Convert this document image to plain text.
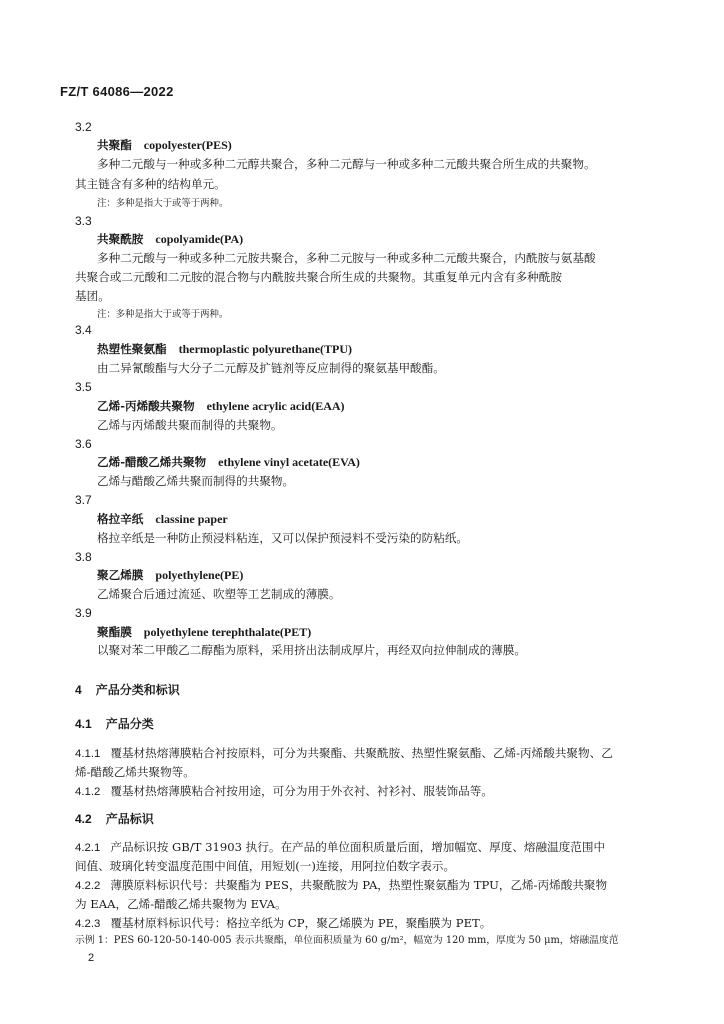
FZ/T 64086—2022
3.2
共聚酯 copolyester(PES)
多种二元酸与一种或多种二元醇共聚合，多种二元醇与一种或多种二元酸共聚合所生成的共聚物。
其主链含有多种的结构单元。
注：多种是指大于或等于两种。
3.3
共聚酰胺 copolyamide(PA)
多种二元酸与一种或多种二元胺共聚合，多种二元胺与一种或多种二元酸共聚合，内酰胺与氨基酸
共聚合或二元酸和二元胺的混合物与内酰胺共聚合所生成的共聚物。其重复单元内含有多种酰胺
基团。
注：多种是指大于或等于两种。
3.4
热塑性聚氨酯 thermoplastic polyurethane(TPU)
由二异氰酸酯与大分子二元醇及扩链剂等反应制得的聚氨基甲酸酯。
3.5
乙烯-丙烯酸共聚物 ethylene acrylic acid(EAA)
乙烯与丙烯酸共聚而制得的共聚物。
3.6
乙烯-醋酸乙烯共聚物 ethylene vinyl acetate(EVA)
乙烯与醋酸乙烯共聚而制得的共聚物。
3.7
格拉辛纸 classine paper
格拉辛纸是一种防止预浸料粘连，又可以保护预浸料不受污染的防粘纸。
3.8
聚乙烯膜 polyethylene(PE)
乙烯聚合后通过流延、吹塑等工艺制成的薄膜。
3.9
聚酯膜 polyethylene terephthalate(PET)
以聚对苯二甲酸乙二醇酯为原料，采用挤出法制成厚片，再经双向拉伸制成的薄膜。
4 产品分类和标识
4.1 产品分类
4.1.1 覆基材热熔薄膜粘合衬按原料，可分为共聚酯、共聚酰胺、热塑性聚氨酯、乙烯-丙烯酸共聚物、乙
烯-醋酸乙烯共聚物等。
4.1.2 覆基材热熔薄膜粘合衬按用途，可分为用于外衣衬、衬衫衬、服装饰品等。
4.2 产品标识
4.2.1 产品标识按 GB/T 31903 执行。在产品的单位面积质量后面，增加幅宽、厚度、熔融温度范围中
间值、玻璃化转变温度范围中间值，用短划(一)连接，用阿拉伯数字表示。
4.2.2 薄膜原料标识代号：共聚酯为 PES，共聚酰胺为 PA，热塑性聚氨酯为 TPU，乙烯-丙烯酸共聚物
为 EAA，乙烯-醋酸乙烯共聚物为 EVA。
4.2.3 覆基材原料标识代号：格拉辛纸为 CP，聚乙烯膜为 PE，聚酯膜为 PET。
示例 1：PES 60-120-50-140-005 表示共聚酯，单位面积质量为 60 g/m²，幅宽为 120 mm，厚度为 50 μm，熔融温度范
2
